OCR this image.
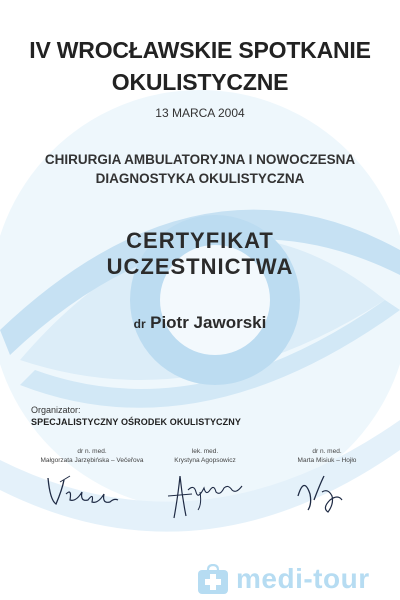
IV WROCŁAWSKIE SPOTKANIE
OKULISTYCZNE
13 MARCA 2004
CHIRURGIA AMBULATORYJNA I NOWOCZESNA
DIAGNOSTYKA OKULISTYCZNA
CERTYFIKAT
UCZESTNICTWA
dr Piotr Jaworski
Organizator:
SPECJALISTYCZNY OŚRODEK OKULISTYCZNY
dr n. med.
Małgorzata Jarzębińska – Večeřova
lek. med.
Krystyna Agopsowicz
dr n. med.
Marta Misiuk – Hojło
medi-tour
